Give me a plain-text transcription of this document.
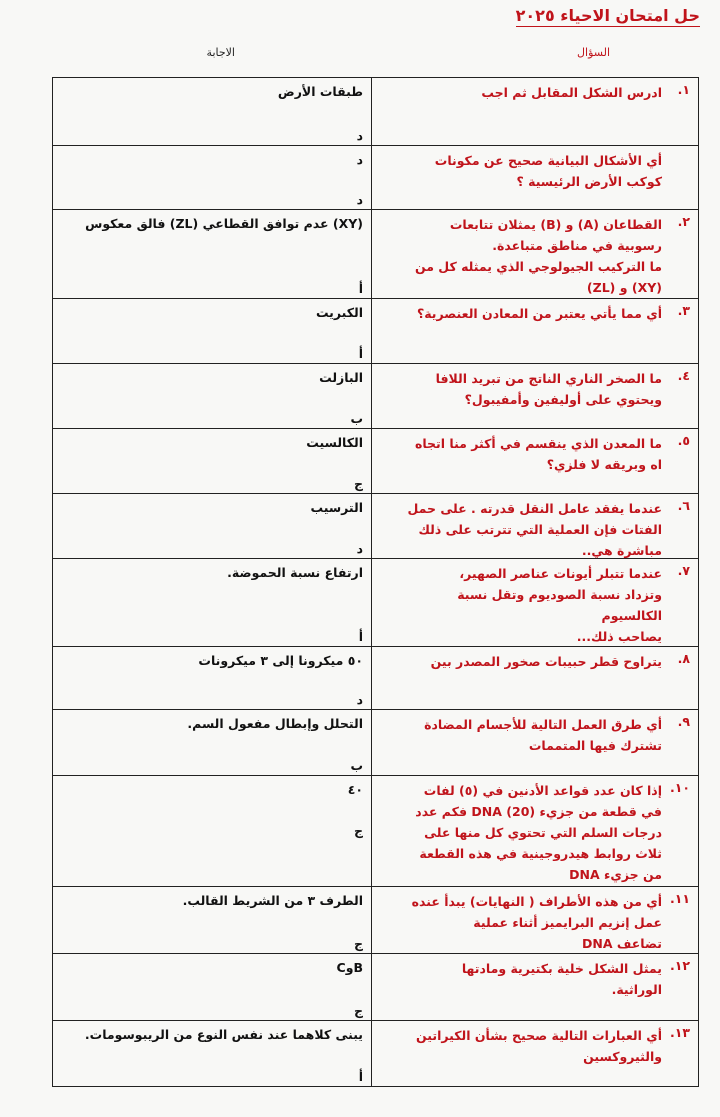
حل امتحان الاحياء ٢٠٢٥
السؤال
الاجابة
١.
ادرس الشكل المقابل ثم اجب
طبقات الأرض
د
أي الأشكال البيانية صحيح عن مكونات
كوكب الأرض الرئيسية ؟
د
د
٢.
القطاعان (A) و (B) يمثلان تتابعات
رسوبية في مناطق متباعدة.
ما التركيب الجيولوجي الذي يمثله كل من
(XY) و (ZL)
(XY) عدم توافق القطاعي (ZL) فالق معكوس
أ
٣.
أي مما يأتي يعتبر من المعادن العنصرية؟
الكبريت
أ
٤.
ما الصخر الناري الناتج من تبريد اللافا
ويحتوي على أوليفين وأمفيبول؟
البازلت
ب
٥.
ما المعدن الذي ينقسم في أكثر منا اتجاه
اه وبريقه لا فلزي؟
الكالسيت
ج
٦.
عندما يفقد عامل النقل قدرته . على حمل
الفتات فإن العملية التي تترتب على ذلك
مباشرة هي..
الترسيب
د
٧.
عندما تتبلر أيونات عناصر الصهير،
وتزداد نسبة الصوديوم وتقل نسبة
الكالسيوم
يصاحب ذلك...
ارتفاع نسبة الحموضة.
أ
٨.
يتراوح قطر حبيبات صخور المصدر بين
٥٠ ميكرونا إلى ٣ ميكرونات
د
٩.
أي طرق العمل التالية للأجسام المضادة
تشترك فيها المتممات
التحلل وإبطال مفعول السم.
ب
١٠.
إذا كان عدد قواعد الأدنين في (٥) لفات
في قطعة من جزيء (20) DNA فكم عدد
درجات السلم التي تحتوي كل منها على
ثلاث روابط هيدروجينية في هذه القطعة
من جزيء DNA
٤٠
ج
١١.
أي من هذه الأطراف ( النهايات) يبدأ عنده
عمل إنزيم البرايميز أثناء عملية
تضاعف DNA
الطرف ٣ من الشريط القالب.
ج
١٢.
يمثل الشكل خلية بكتيرية ومادتها
الوراثية.
BوC
ج
١٣.
أي العبارات التالية صحيح بشأن الكيراتين
والثيروكسين
يبنى كلاهما عند نفس النوع من الريبوسومات.
أ
